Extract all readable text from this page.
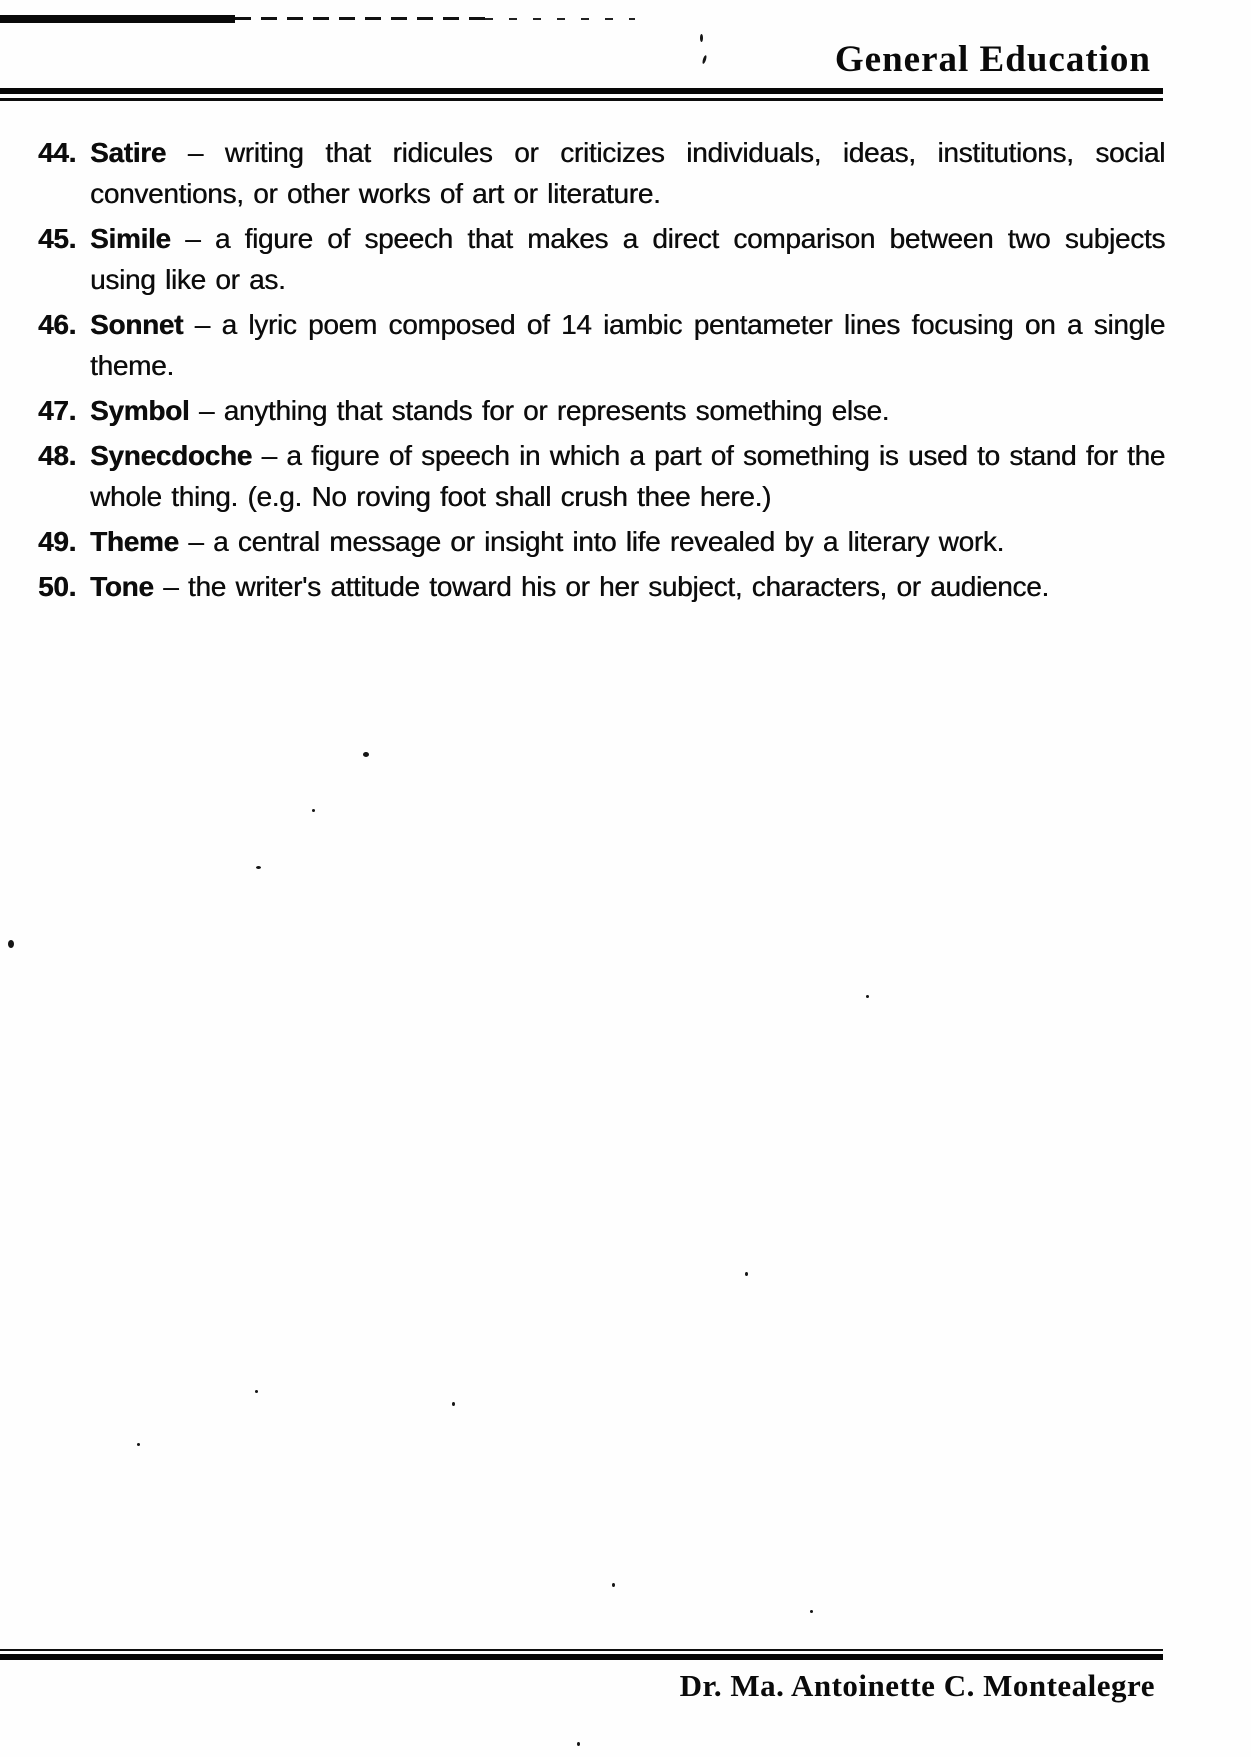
General Education
44. Satire – writing that ridicules or criticizes individuals, ideas, institutions, social conventions, or other works of art or literature.
45. Simile – a figure of speech that makes a direct comparison between two subjects using like or as.
46. Sonnet – a lyric poem composed of 14 iambic pentameter lines focusing on a single theme.
47. Symbol – anything that stands for or represents something else.
48. Synecdoche – a figure of speech in which a part of something is used to stand for the whole thing. (e.g. No roving foot shall crush thee here.)
49. Theme – a central message or insight into life revealed by a literary work.
50. Tone – the writer's attitude toward his or her subject, characters, or audience.
Dr. Ma. Antoinette C. Montealegre
